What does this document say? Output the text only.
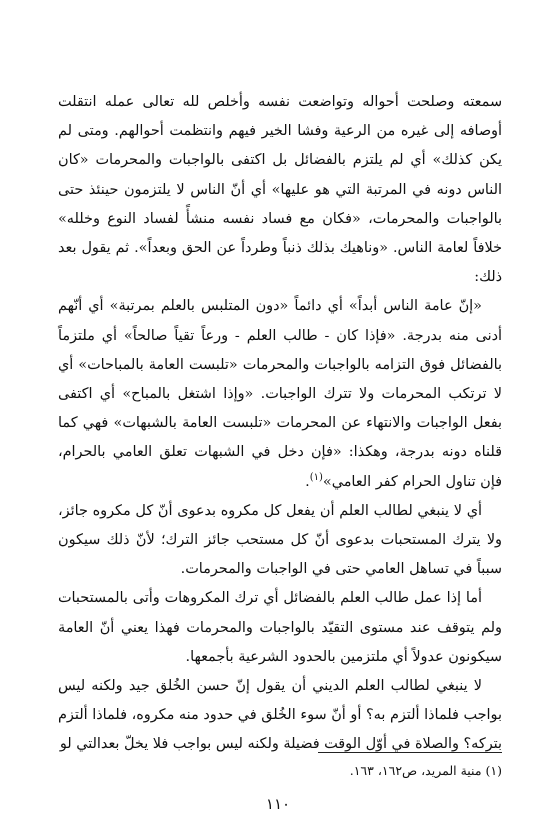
سمعته وصلحت أحواله وتواضعت نفسه وأخلص لله تعالى عمله انتقلت أوصافه إلى غيره من الرعية وفشا الخير فيهم وانتظمت أحوالهم. ومتى لم يكن كذلك» أي لم يلتزم بالفضائل بل اكتفى بالواجبات والمحرمات «كان الناس دونه في المرتبة التي هو عليها» أي أنّ الناس لا يلتزمون حينئذ حتى بالواجبات والمحرمات، «فكان مع فساد نفسه منشأً لفساد النوع وخلله» خلافاً لعامة الناس. «وناهيك بذلك ذنباً وطرداً عن الحق وبعداً». ثم يقول بعد ذلك:

«إنّ عامة الناس أبداً» أي دائماً «دون المتلبس بالعلم بمرتبة» أي أنّهم أدنى منه بدرجة. «فإذا كان - طالب العلم - ورعاً تقياً صالحاً» أي ملتزماً بالفضائل فوق التزامه بالواجبات والمحرمات «تلبست العامة بالمباحات» أي لا ترتكب المحرمات ولا تترك الواجبات. «وإذا اشتغل بالمباح» أي اكتفى بفعل الواجبات والانتهاء عن المحرمات «تلبست العامة بالشبهات» فهي كما قلناه دونه بدرجة، وهكذا: «فإن دخل في الشبهات تعلق العامي بالحرام، فإن تناول الحرام كفر العامي»$^{(١)}$.

أي لا ينبغي لطالب العلم أن يفعل كل مكروه بدعوى أنّ كل مكروه جائز، ولا يترك المستحبات بدعوى أنّ كل مستحب جائز الترك؛ لأنّ ذلك سيكون سبباً في تساهل العامي حتى في الواجبات والمحرمات.

أما إذا عمل طالب العلم بالفضائل أي ترك المكروهات وأتى بالمستحبات ولم يتوقف عند مستوى التقيّد بالواجبات والمحرمات فهذا يعني أنّ العامة سيكونون عدولاً أي ملتزمين بالحدود الشرعية بأجمعها.

لا ينبغي لطالب العلم الديني أن يقول إنّ حسن الخُلق جيد ولكنه ليس بواجب فلماذا ألتزم به؟ أو أنّ سوء الخُلق في حدود منه مكروه، فلماذا ألتزم بتركه؟ والصلاة في أوّل الوقت فضيلة ولكنه ليس بواجب فلا يخلّ بعدالتي لو

(١) منية المريد، ص١٦٢، ١٦٣.
١١٠
